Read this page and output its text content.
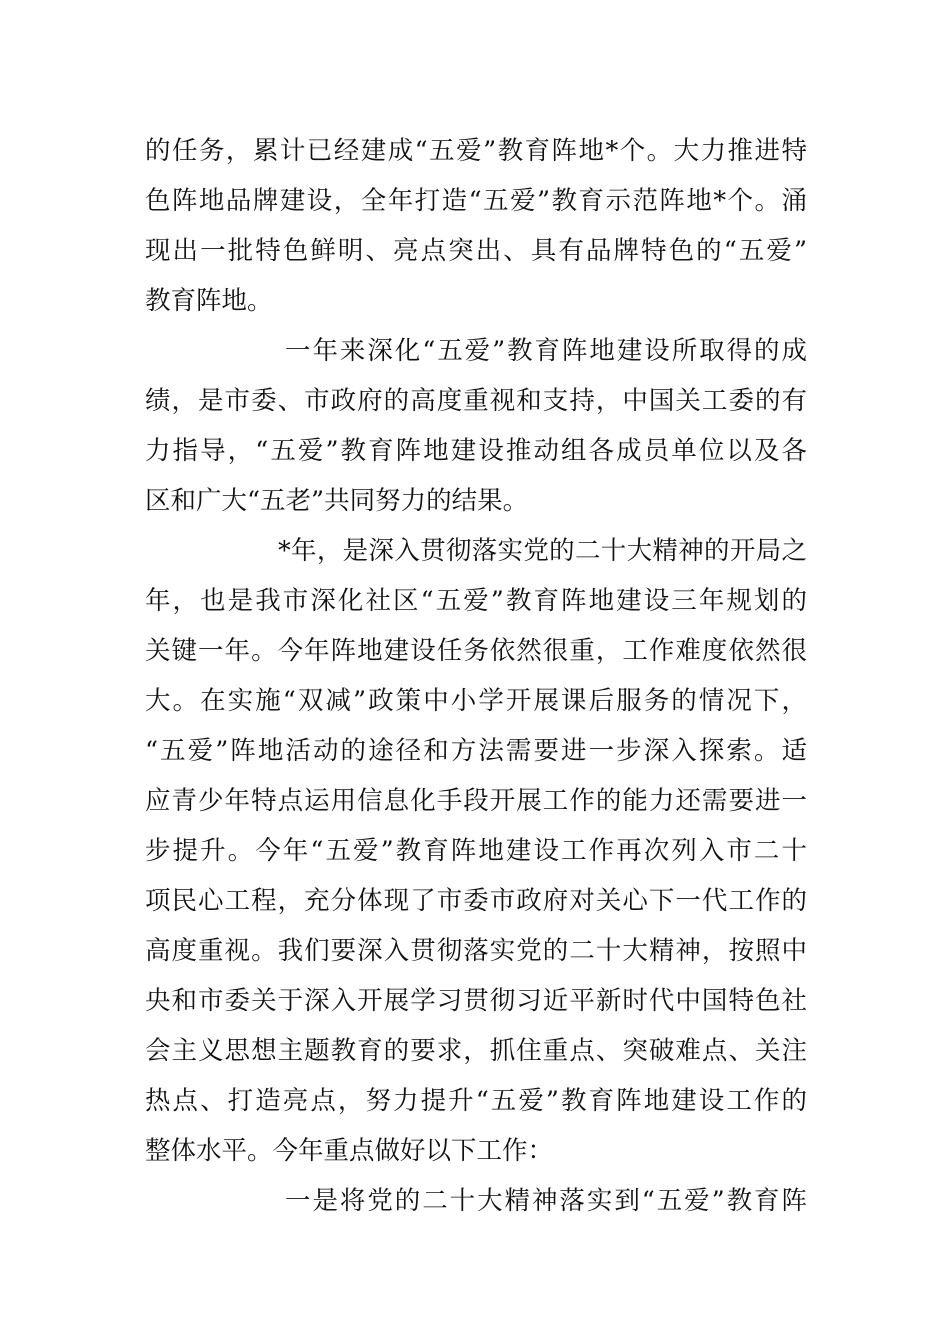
的任务，累计已经建成“五爱”教育阵地*个。大力推进特

色阵地品牌建设，全年打造“五爱”教育示范阵地*个。涌

现出一批特色鲜明、亮点突出、具有品牌特色的“五爱”

教育阵地。

一年来深化“五爱”教育阵地建设所取得的成

绩，是市委、市政府的高度重视和支持，中国关工委的有

力指导，“五爱”教育阵地建设推动组各成员单位以及各

区和广大“五老”共同努力的结果。

*年，是深入贯彻落实党的二十大精神的开局之

年，也是我市深化社区“五爱”教育阵地建设三年规划的

关键一年。今年阵地建设任务依然很重，工作难度依然很

大。在实施“双减”政策中小学开展课后服务的情况下，

“五爱”阵地活动的途径和方法需要进一步深入探索。适

应青少年特点运用信息化手段开展工作的能力还需要进一

步提升。今年“五爱”教育阵地建设工作再次列入市二十

项民心工程，充分体现了市委市政府对关心下一代工作的

高度重视。我们要深入贯彻落实党的二十大精神，按照中

央和市委关于深入开展学习贯彻习近平新时代中国特色社

会主义思想主题教育的要求，抓住重点、突破难点、关注

热点、打造亮点，努力提升“五爱”教育阵地建设工作的

整体水平。今年重点做好以下工作：

一是将党的二十大精神落实到“五爱”教育阵
